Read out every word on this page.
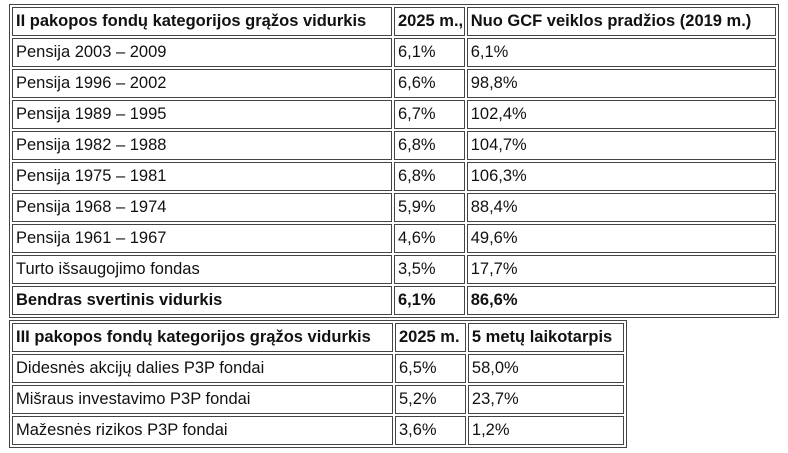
II pakopos fondų kategorijos grąžos vidurkis	2025 m.,	Nuo GCF veiklos pradžios (2019 m.)
Pensija 2003 – 2009	6,1%	6,1%
Pensija 1996 – 2002	6,6%	98,8%
Pensija 1989 – 1995	6,7%	102,4%
Pensija 1982 – 1988	6,8%	104,7%
Pensija 1975 – 1981	6,8%	106,3%
Pensija 1968 – 1974	5,9%	88,4%
Pensija 1961 – 1967	4,6%	49,6%
Turto išsaugojimo fondas	3,5%	17,7%
Bendras svertinis vidurkis	6,1%	86,6%
III pakopos fondų kategorijos grąžos vidurkis	2025 m.	5 metų laikotarpis
Didesnės akcijų dalies P3P fondai	6,5%	58,0%
Mišraus investavimo P3P fondai	5,2%	23,7%
Mažesnės rizikos P3P fondai	3,6%	1,2%
